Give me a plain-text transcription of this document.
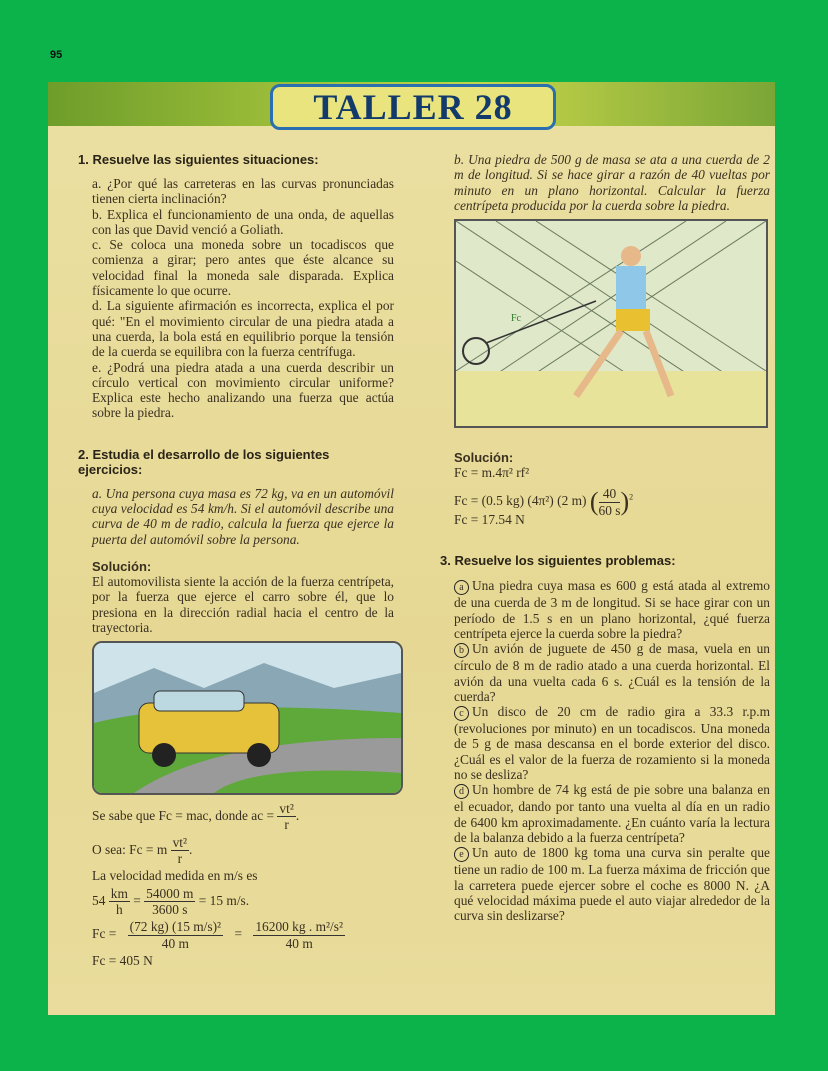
95
TALLER 28
1. Resuelve las siguientes situaciones:

a. ¿Por qué las carreteras en las curvas pronunciadas tienen cierta inclinación?

b. Explica el funcionamiento de una onda, de aquellas con las que David venció a Goliath.

c. Se coloca una moneda sobre un tocadiscos que comienza a girar; pero antes que éste alcance su velocidad final la moneda sale disparada. Explica físicamente lo que ocurre.

d. La siguiente afirmación es incorrecta, explica el por qué: "En el movimiento circular de una piedra atada a una cuerda, la bola está en equilibrio porque la tensión de la cuerda se equilibra con la fuerza centrífuga.

e. ¿Podrá una piedra atada a una cuerda describir un círculo vertical con movimiento circular uniforme? Explica este hecho analizando una fuerza que actúa sobre la piedra.

2. Estudia el desarrollo de los siguientes ejercicios:

a. Una persona cuya masa es 72 kg, va en un automóvil cuya velocidad es 54 km/h. Si el automóvil describe una curva de 40 m de radio, calcula la fuerza que ejerce la puerta del automóvil sobre la persona.

Solución:

El automovilista siente la acción de la fuerza centrípeta, por la fuerza que ejerce el carro sobre él, que lo presiona en la dirección radial hacia el centro de la trayectoria.

Se sabe que Fc = mac, donde ac = $\frac{\text{vt²}}{r}$ .
O sea: Fc = m $\frac{\text{vt²}}{r}$ .

La velocidad medida en m/s es

$54 \frac{km}{h} = \frac{54000 m}{3600 s} = 15$ m/s.
$Fc = \frac{\text{(72 kg) (15 m/s)²}}{40 m} = \frac{\text{16200 kg . m²/s²}}{40 m}$
Fc = 405 N

b. Una piedra de 500 g de masa se ata a una cuerda de 2 m de longitud. Si se hace girar a razón de 40 vueltas por minuto en un plano horizontal. Calcular la fuerza centrípeta producida por la cuerda sobre la piedra.

Fc
Solución:
Fc = m.4π² rf²
Fc = (0.5 kg) (4π²) (2 m) ( $\frac{40}{60 s} )^2$
Fc = 17.54 N
3. Resuelve los siguientes problemas:

a Una piedra cuya masa es 600 g está atada al extremo de una cuerda de 3 m de longitud. Si se hace girar con un período de 1.5 s en un plano horizontal, ¿qué fuerza centrípeta ejerce la cuerda sobre la piedra?

b Un avión de juguete de 450 g de masa, vuela en un círculo de 8 m de radio atado a una cuerda horizontal. El avión da una vuelta cada 6 s. ¿Cuál es la tensión de la cuerda?

c Un disco de 20 cm de radio gira a 33.3 r.p.m (revoluciones por minuto) en un tocadiscos. Una moneda de 5 g de masa descansa en el borde exterior del disco. ¿Cuál es el valor de la fuerza de rozamiento si la moneda no se desliza?

d Un hombre de 74 kg está de pie sobre una balanza en el ecuador, dando por tanto una vuelta al día en un radio de 6400 km aproximadamente. ¿En cuánto varía la lectura de la balanza debido a la fuerza centrípeta?

e Un auto de 1800 kg toma una curva sin peralte que tiene un radio de 100 m. La fuerza máxima de fricción que la carretera puede ejercer sobre el coche es 8000 N. ¿A qué velocidad máxima puede el auto viajar alrededor de la curva sin deslizarse?
